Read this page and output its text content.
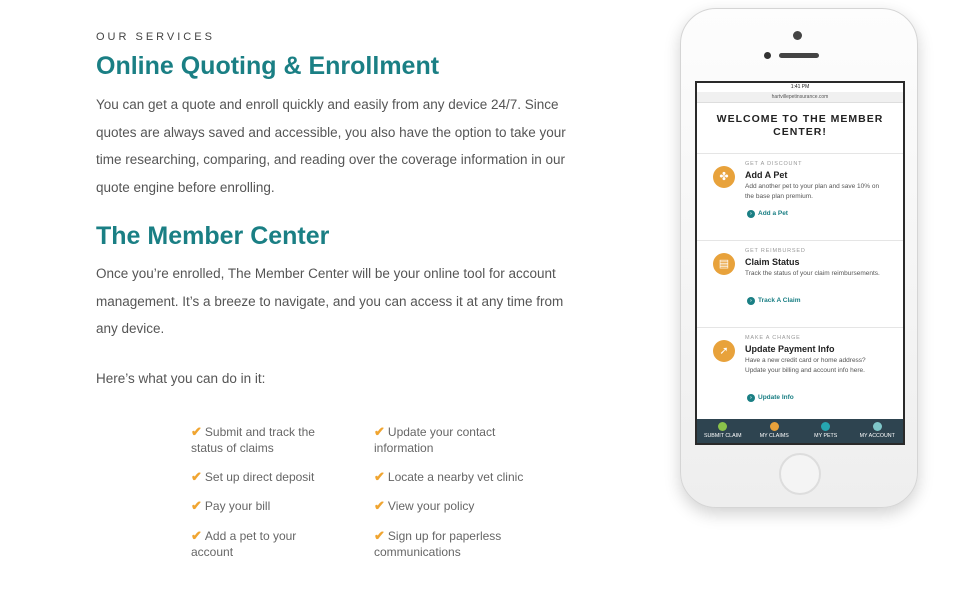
OUR SERVICES
Online Quoting & Enrollment

You can get a quote and enroll quickly and easily from any device 24/7. Since quotes are always saved and accessible, you also have the option to take your time researching, comparing, and reading over the coverage information in our quote engine before enrolling.

The Member Center

Once you’re enrolled, The Member Center will be your online tool for account management. It’s a breeze to navigate, and you can access it at any time from any device.

Here’s what you can do in it:

✔ Submit and track the status of claims
✔ Set up direct deposit
✔ Pay your bill
✔ Add a pet to your account
✔ Update your contact information
✔ Locate a nearby vet clinic
✔ View your policy
✔ Sign up for paperless communications
1:41 PM
hartvillepetinsurance.com
WELCOME TO THE MEMBER CENTER!
✤
GET A DISCOUNT
Add A Pet
Add another pet to your plan and save 10% on the base plan premium.
› Add a Pet
▤
GET REIMBURSED
Claim Status
Track the status of your claim reimbursements.
› Track A Claim
➚
MAKE A CHANGE
Update Payment Info
Have a new credit card or home address? Update your billing and account info here.
› Update Info
SUBMIT CLAIM	MY CLAIMS	MY PETS	MY ACCOUNT
